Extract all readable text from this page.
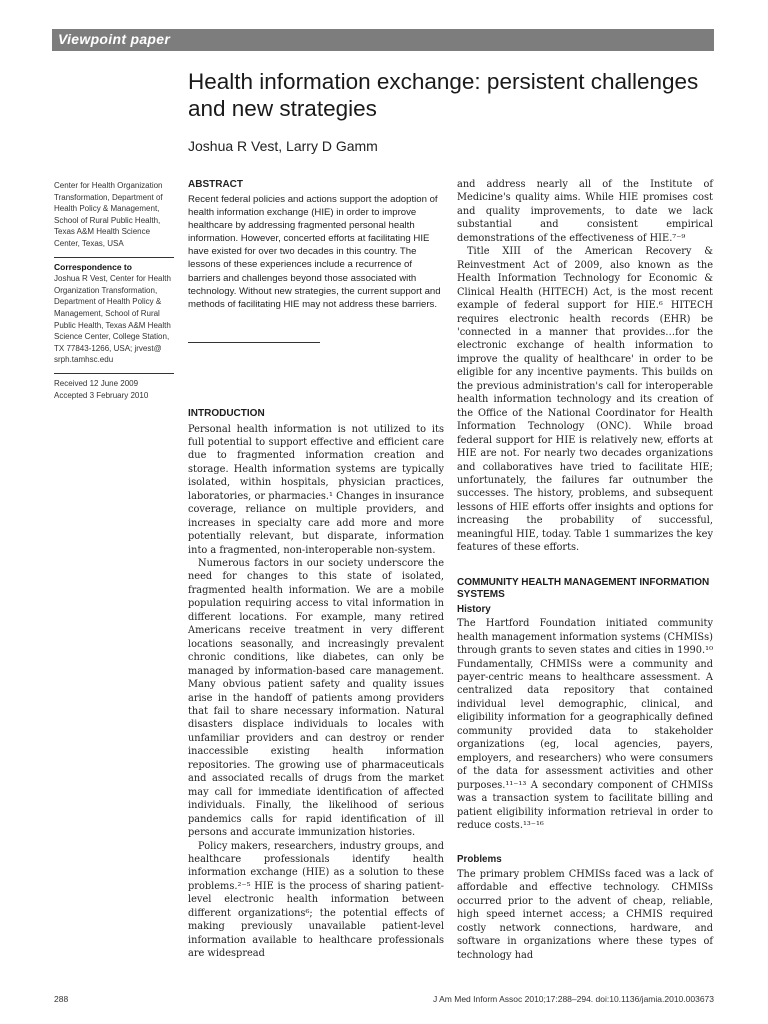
Viewpoint paper
Health information exchange: persistent challenges and new strategies
Joshua R Vest, Larry D Gamm
Center for Health Organization Transformation, Department of Health Policy & Management, School of Rural Public Health, Texas A&M Health Science Center, Texas, USA
Correspondence to
Joshua R Vest, Center for Health Organization Transformation, Department of Health Policy & Management, School of Rural Public Health, Texas A&M Health Science Center, College Station, TX 77843-1266, USA; jrvest@ srph.tamhsc.edu
Received 12 June 2009
Accepted 3 February 2010
ABSTRACT

Recent federal policies and actions support the adoption of health information exchange (HIE) in order to improve healthcare by addressing fragmented personal health information. However, concerted efforts at facilitating HIE have existed for over two decades in this country. The lessons of these experiences include a recurrence of barriers and challenges beyond those associated with technology. Without new strategies, the current support and methods of facilitating HIE may not address these barriers.

INTRODUCTION

Personal health information is not utilized to its full potential to support effective and efficient care due to fragmented information creation and storage. Health information systems are typically isolated, within hospitals, physician practices, laboratories, or pharmacies.¹ Changes in insurance coverage, reliance on multiple providers, and increases in specialty care add more and more potentially relevant, but disparate, information into a fragmented, non-interoperable non-system.

Numerous factors in our society underscore the need for changes to this state of isolated, fragmented health information. We are a mobile population requiring access to vital information in different locations. For example, many retired Americans receive treatment in very different locations seasonally, and increasingly prevalent chronic conditions, like diabetes, can only be managed by information-based care management. Many obvious patient safety and quality issues arise in the handoff of patients among providers that fail to share necessary information. Natural disasters displace individuals to locales with unfamiliar providers and can destroy or render inaccessible existing health information repositories. The growing use of pharmaceuticals and associated recalls of drugs from the market may call for immediate identification of affected individuals. Finally, the likelihood of serious pandemics calls for rapid identification of ill persons and accurate immunization histories.

Policy makers, researchers, industry groups, and healthcare professionals identify health information exchange (HIE) as a solution to these problems.²⁻⁵ HIE is the process of sharing patient-level electronic health information between different organizations⁶; the potential effects of making previously unavailable patient-level information available to healthcare professionals are widespread

and address nearly all of the Institute of Medicine's quality aims. While HIE promises cost and quality improvements, to date we lack substantial and consistent empirical demonstrations of the effectiveness of HIE.⁷⁻⁹

Title XIII of the American Recovery & Reinvestment Act of 2009, also known as the Health Information Technology for Economic & Clinical Health (HITECH) Act, is the most recent example of federal support for HIE.⁶ HITECH requires electronic health records (EHR) be 'connected in a manner that provides…for the electronic exchange of health information to improve the quality of healthcare' in order to be eligible for any incentive payments. This builds on the previous administration's call for interoperable health information technology and its creation of the Office of the National Coordinator for Health Information Technology (ONC). While broad federal support for HIE is relatively new, efforts at HIE are not. For nearly two decades organizations and collaboratives have tried to facilitate HIE; unfortunately, the failures far outnumber the successes. The history, problems, and subsequent lessons of HIE efforts offer insights and options for increasing the probability of successful, meaningful HIE, today. Table 1 summarizes the key features of these efforts.

COMMUNITY HEALTH MANAGEMENT INFORMATION SYSTEMS
History

The Hartford Foundation initiated community health management information systems (CHMISs) through grants to seven states and cities in 1990.¹⁰ Fundamentally, CHMISs were a community and payer-centric means to healthcare assessment. A centralized data repository that contained individual level demographic, clinical, and eligibility information for a geographically defined community provided data to stakeholder organizations (eg, local agencies, payers, employers, and researchers) who were consumers of the data for assessment activities and other purposes.¹¹⁻¹³ A secondary component of CHMISs was a transaction system to facilitate billing and patient eligibility information retrieval in order to reduce costs.¹³⁻¹⁶

Problems

The primary problem CHMISs faced was a lack of affordable and effective technology. CHMISs occurred prior to the advent of cheap, reliable, high speed internet access; a CHMIS required costly network connections, hardware, and software in organizations where these types of technology had

288	J Am Med Inform Assoc 2010;17:288–294. doi:10.1136/jamia.2010.003673
